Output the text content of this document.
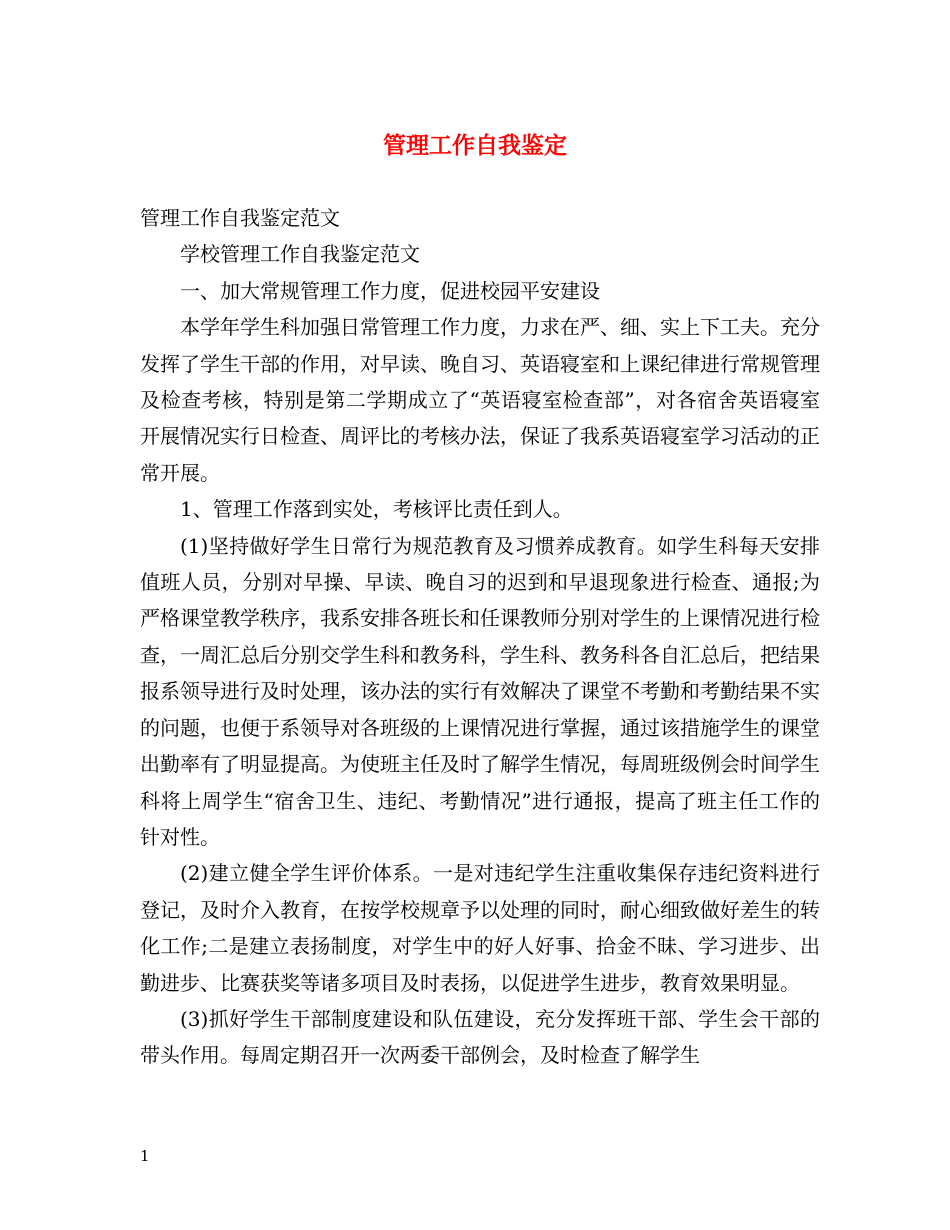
管理工作自我鉴定

管理工作自我鉴定范文

学校管理工作自我鉴定范文

一、加大常规管理工作力度，促进校园平安建设

本学年学生科加强日常管理工作力度，力求在严、细、实上下工夫。充分发挥了学生干部的作用，对早读、晚自习、英语寝室和上课纪律进行常规管理及检查考核，特别是第二学期成立了“英语寝室检查部”，对各宿舍英语寝室开展情况实行日检查、周评比的考核办法，保证了我系英语寝室学习活动的正常开展。

1、管理工作落到实处，考核评比责任到人。

(1)坚持做好学生日常行为规范教育及习惯养成教育。如学生科每天安排值班人员，分别对早操、早读、晚自习的迟到和早退现象进行检查、通报;为严格课堂教学秩序，我系安排各班长和任课教师分别对学生的上课情况进行检查，一周汇总后分别交学生科和教务科，学生科、教务科各自汇总后，把结果报系领导进行及时处理，该办法的实行有效解决了课堂不考勤和考勤结果不实的问题，也便于系领导对各班级的上课情况进行掌握，通过该措施学生的课堂出勤率有了明显提高。为使班主任及时了解学生情况，每周班级例会时间学生科将上周学生“宿舍卫生、违纪、考勤情况”进行通报，提高了班主任工作的针对性。

(2)建立健全学生评价体系。一是对违纪学生注重收集保存违纪资料进行登记，及时介入教育，在按学校规章予以处理的同时，耐心细致做好差生的转化工作;二是建立表扬制度，对学生中的好人好事、拾金不昧、学习进步、出勤进步、比赛获奖等诸多项目及时表扬，以促进学生进步，教育效果明显。

(3)抓好学生干部制度建设和队伍建设，充分发挥班干部、学生会干部的带头作用。每周定期召开一次两委干部例会，及时检查了解学生

1
